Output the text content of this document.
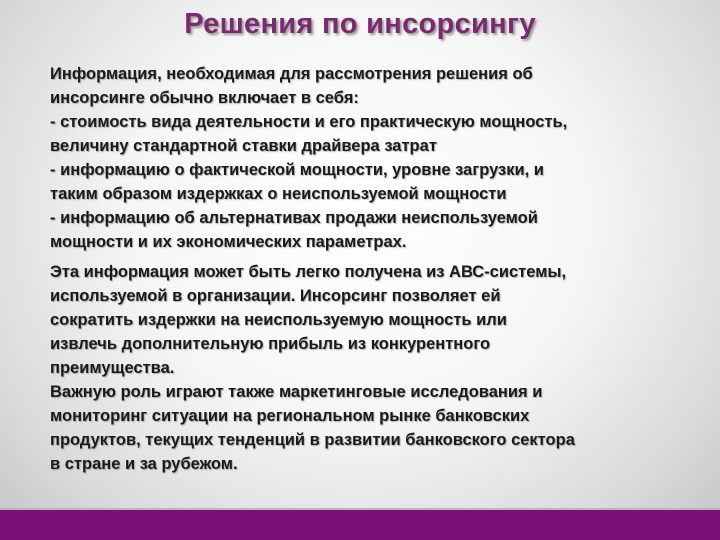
Решения по инсорсингу

Информация, необходимая для рассмотрения решения об
инсорсинге обычно включает в себя:
- стоимость вида деятельности и его практическую мощность,
величину стандартной ставки драйвера затрат
- информацию о фактической мощности, уровне загрузки, и
таким образом издержках о неиспользуемой мощности
- информацию об альтернативах продажи неиспользуемой
мощности и их экономических параметрах.

Эта информация может быть легко получена из АВС-системы,
используемой в организации. Инсорсинг позволяет ей
сократить издержки на неиспользуемую мощность или
извлечь дополнительную прибыль из конкурентного
преимущества.
Важную роль играют также маркетинговые исследования и
мониторинг ситуации на региональном рынке банковских
продуктов, текущих тенденций в развитии банковского сектора
в стране и за рубежом.
